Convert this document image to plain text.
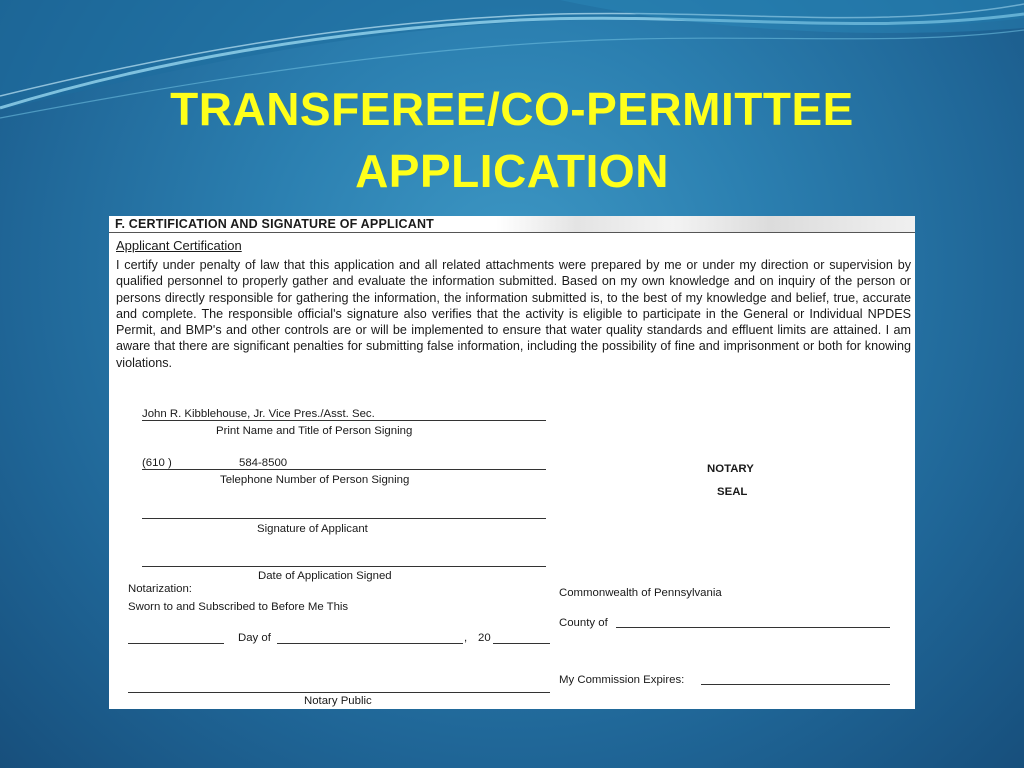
TRANSFEREE/CO-PERMITTEE
APPLICATION
F. CERTIFICATION AND SIGNATURE OF APPLICANT
Applicant Certification
I certify under penalty of law that this application and all related attachments were prepared by me or under my direction or supervision by qualified personnel to properly gather and evaluate the information submitted. Based on my own knowledge and on inquiry of the person or persons directly responsible for gathering the information, the information submitted is, to the best of my knowledge and belief, true, accurate and complete. The responsible official's signature also verifies that the activity is eligible to participate in the General or Individual NPDES Permit, and BMP's and other controls are or will be implemented to ensure that water quality standards and effluent limits are attained. I am aware that there are significant penalties for submitting false information, including the possibility of fine and imprisonment or both for knowing violations.
John R. Kibblehouse, Jr. Vice Pres./Asst. Sec.
Print Name and Title of Person Signing
(610 )	584-8500
Telephone Number of Person Signing
Signature of Applicant
Date of Application Signed
Notarization:
Sworn to and Subscribed to Before Me This
Day of	, 20
Notary Public
NOTARY
SEAL
Commonwealth of Pennsylvania
County of
My Commission Expires:
